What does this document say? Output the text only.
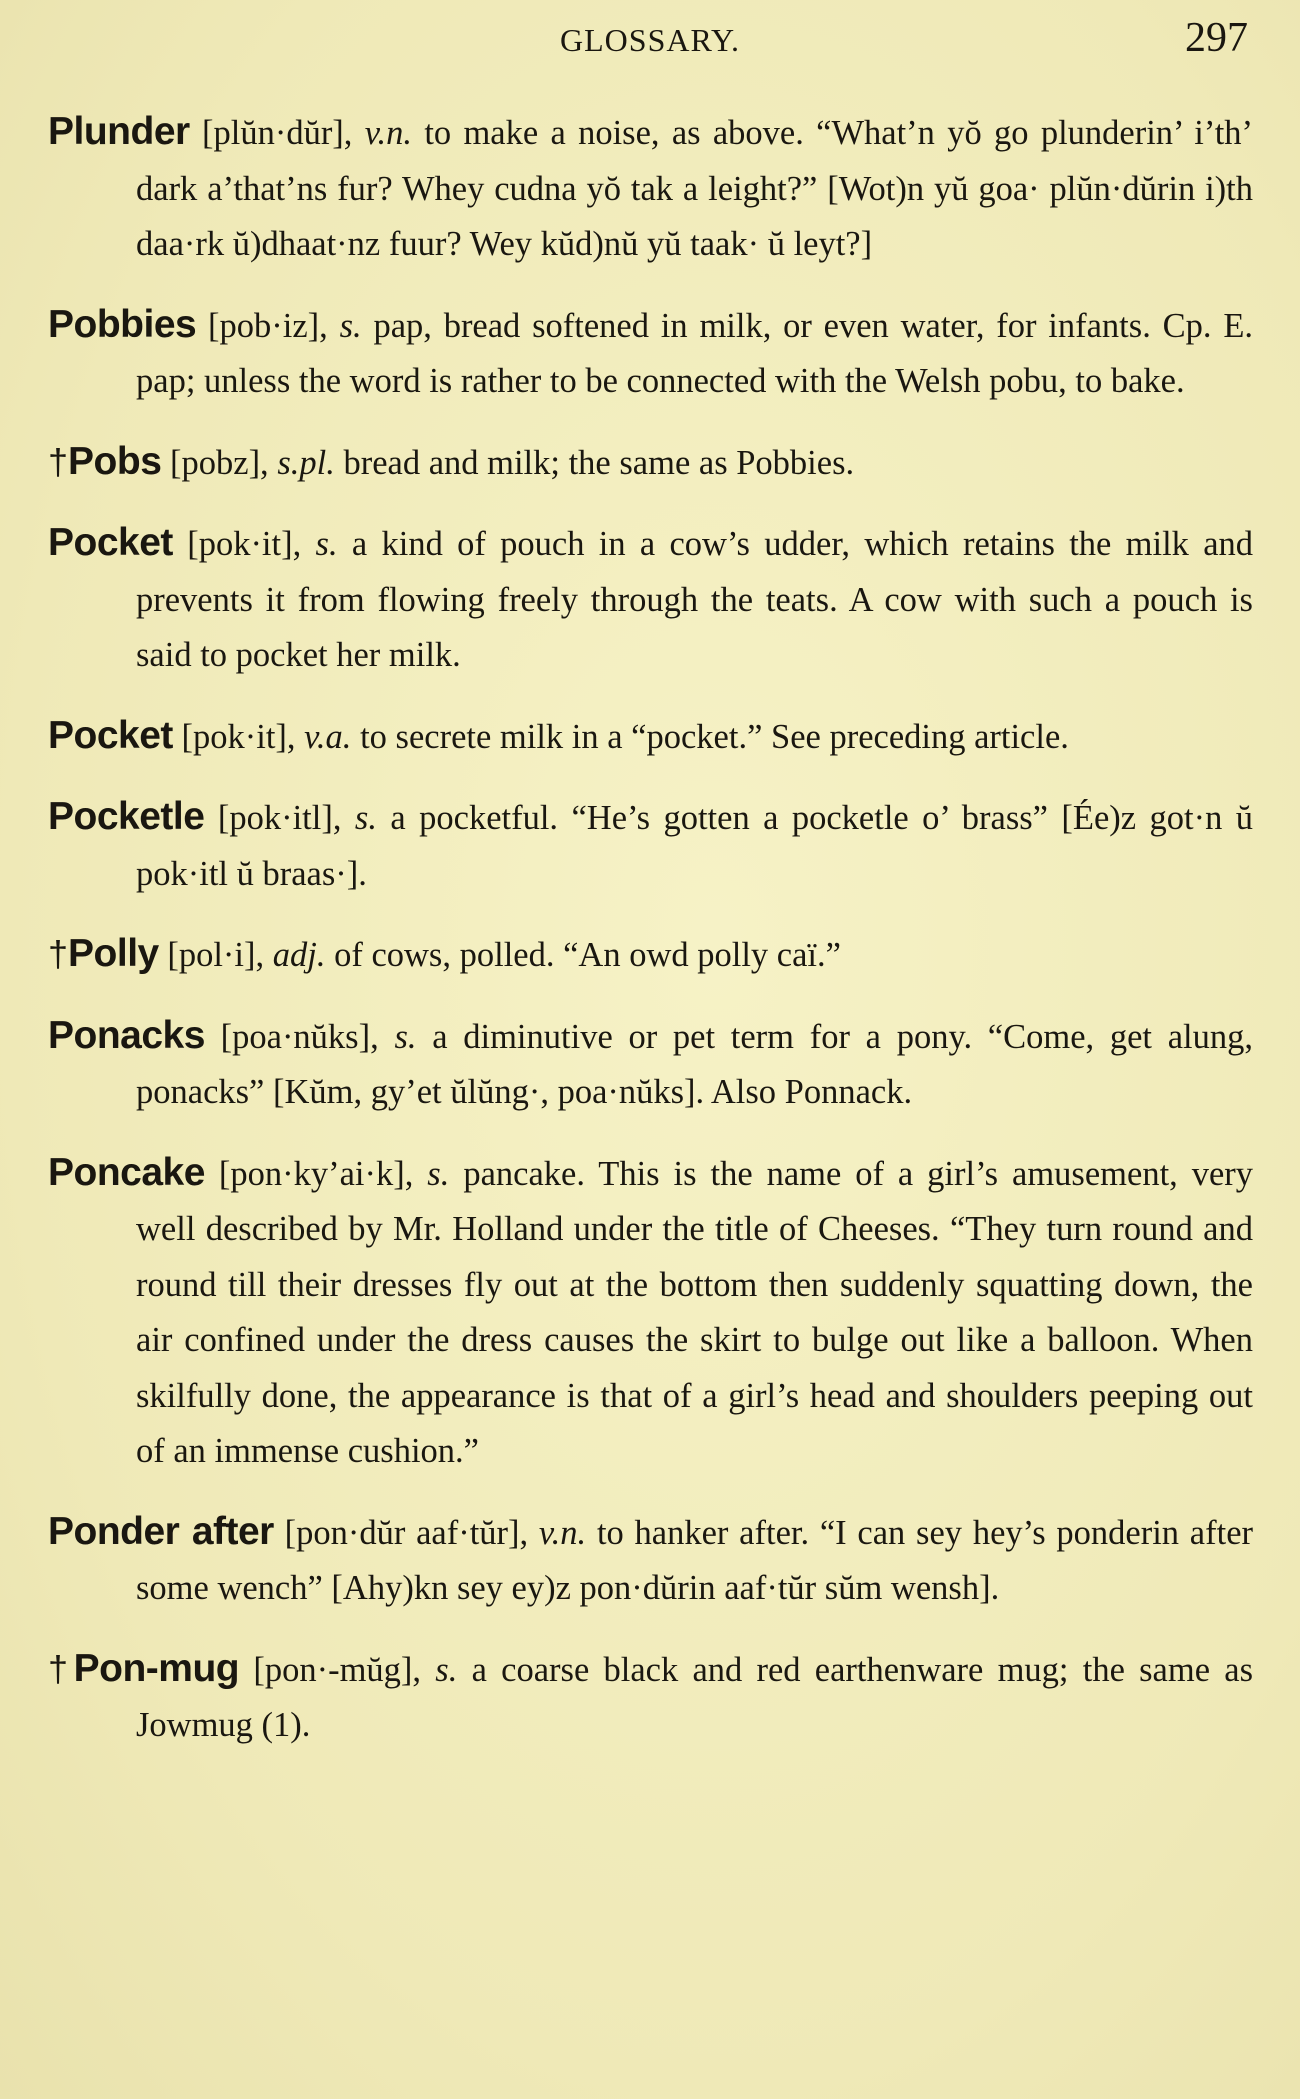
GLOSSARY.	297

Plunder [plŭn·dŭr], v.n. to make a noise, as above. “What’n yŏ go plunderin’ i’th’ dark a’that’ns fur? Whey cudna yŏ tak a leight?” [Wot)n yŭ goa· plŭn·dŭrin i)th daa·rk ŭ)dhaat·nz fuur? Wey kŭd)nŭ yŭ taak· ŭ leyt?]

Pobbies [pob·iz], s. pap, bread softened in milk, or even water, for infants. Cp. E. pap; unless the word is rather to be connected with the Welsh pobu, to bake.

†Pobs [pobz], s.pl. bread and milk; the same as Pobbies.

Pocket [pok·it], s. a kind of pouch in a cow’s udder, which retains the milk and prevents it from flowing freely through the teats. A cow with such a pouch is said to pocket her milk.

Pocket [pok·it], v.a. to secrete milk in a “pocket.” See preceding article.

Pocketle [pok·itl], s. a pocketful. “He’s gotten a pocketle o’ brass” [Ée)z got·n ŭ pok·itl ŭ braas·].

†Polly [pol·i], adj. of cows, polled. “An owd polly caï.”

Ponacks [poa·nŭks], s. a diminutive or pet term for a pony. “Come, get alung, ponacks” [Kŭm, gy’et ŭlŭng·, poa·nŭks]. Also Ponnack.

Poncake [pon·ky’ai·k], s. pancake. This is the name of a girl’s amusement, very well described by Mr. Holland under the title of Cheeses. “They turn round and round till their dresses fly out at the bottom then suddenly squatting down, the air confined under the dress causes the skirt to bulge out like a balloon. When skilfully done, the appearance is that of a girl’s head and shoulders peeping out of an immense cushion.”

Ponder after [pon·dŭr aaf·tŭr], v.n. to hanker after. “I can sey hey’s ponderin after some wench” [Ahy)kn sey ey)z pon·dŭrin aaf·tŭr sŭm wensh].

†Pon-mug [pon·-mŭg], s. a coarse black and red earthenware mug; the same as Jowmug (1).
